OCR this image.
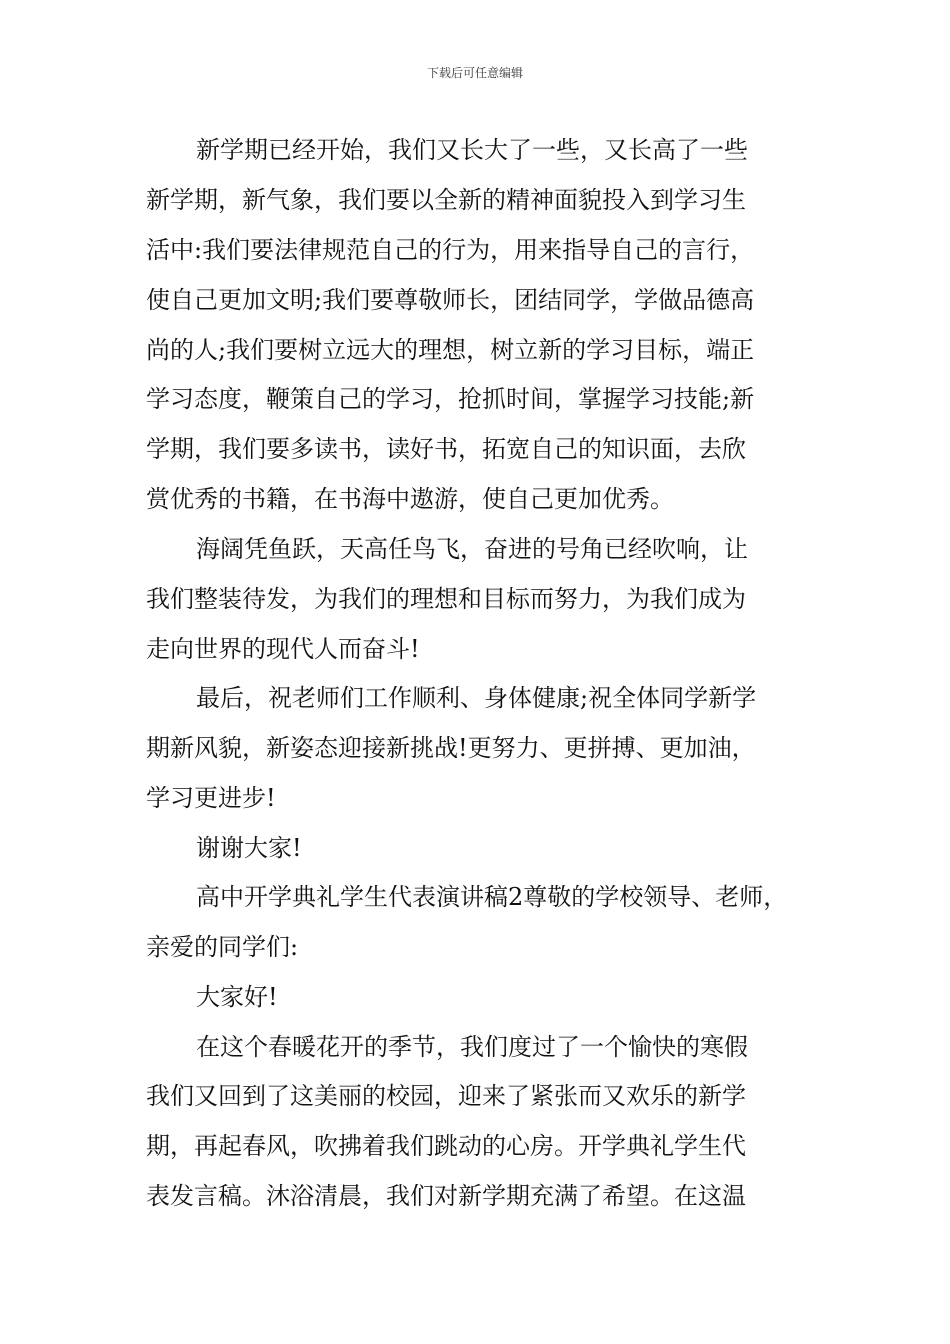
下载后可任意编辑
新学期已经开始，我们又长大了一些，又长高了一些
新学期，新气象，我们要以全新的精神面貌投入到学习生
活中:我们要法律规范自己的行为，用来指导自己的言行，
使自己更加文明;我们要尊敬师长，团结同学，学做品德高
尚的人;我们要树立远大的理想，树立新的学习目标，端正
学习态度，鞭策自己的学习，抢抓时间，掌握学习技能;新
学期，我们要多读书，读好书，拓宽自己的知识面，去欣
赏优秀的书籍，在书海中遨游，使自己更加优秀。
海阔凭鱼跃，天高任鸟飞，奋进的号角已经吹响，让
我们整装待发，为我们的理想和目标而努力，为我们成为
走向世界的现代人而奋斗!
最后，祝老师们工作顺利、身体健康;祝全体同学新学
期新风貌，新姿态迎接新挑战!更努力、更拼搏、更加油，
学习更进步!
谢谢大家!
高中开学典礼学生代表演讲稿2尊敬的学校领导、老师，
亲爱的同学们:
大家好!
在这个春暖花开的季节，我们度过了一个愉快的寒假
我们又回到了这美丽的校园，迎来了紧张而又欢乐的新学
期，再起春风，吹拂着我们跳动的心房。开学典礼学生代
表发言稿。沐浴清晨，我们对新学期充满了希望。在这温
